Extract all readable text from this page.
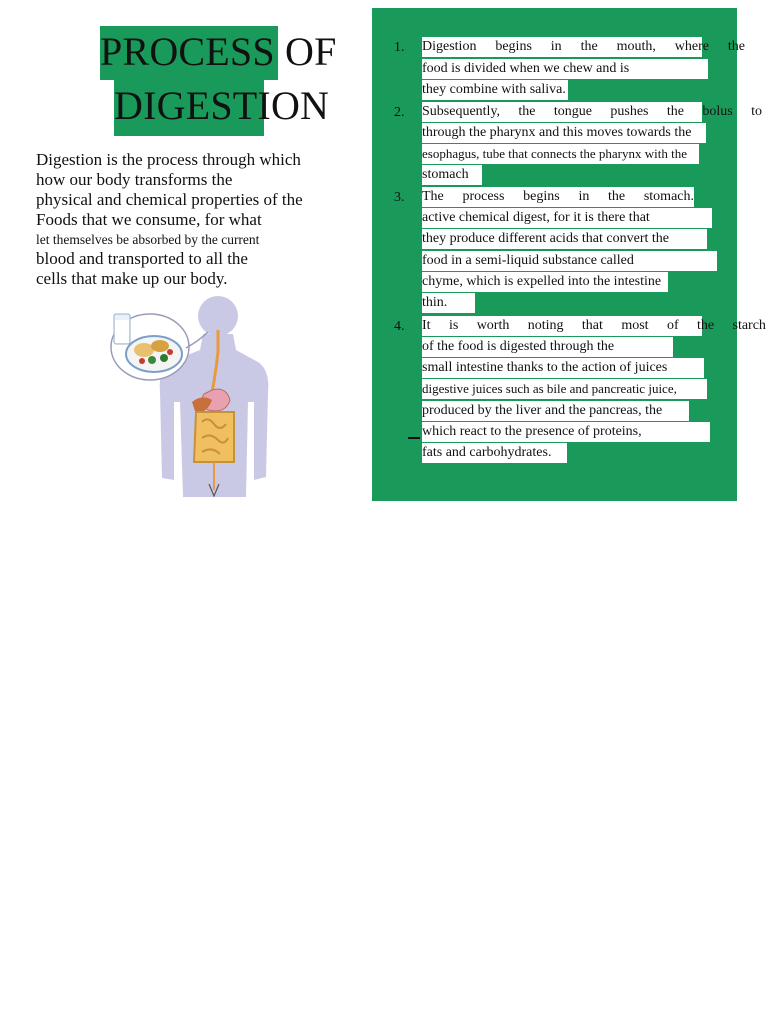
PROCESS OF
DIGESTION
Digestion is the process through which
how our body transforms the
physical and chemical properties of the
Foods that we consume, for what
let themselves be absorbed by the current
blood and transported to all the
cells that make up our body.
1. Digestion begins in the mouth, where the
food is divided when we chew and is
they combine with saliva.
2. Subsequently, the tongue pushes the bolus to
through the pharynx and this moves towards the
esophagus, tube that connects the pharynx with the
stomach
3. The process begins in the stomach.
active chemical digest, for it is there that
they produce different acids that convert the
food in a semi-liquid substance called
chyme, which is expelled into the intestine
thin.
4. It is worth noting that most of the starch
of the food is digested through the
small intestine thanks to the action of juices
digestive juices such as bile and pancreatic juice,
produced by the liver and the pancreas, the
which react to the presence of proteins,
fats and carbohydrates.
